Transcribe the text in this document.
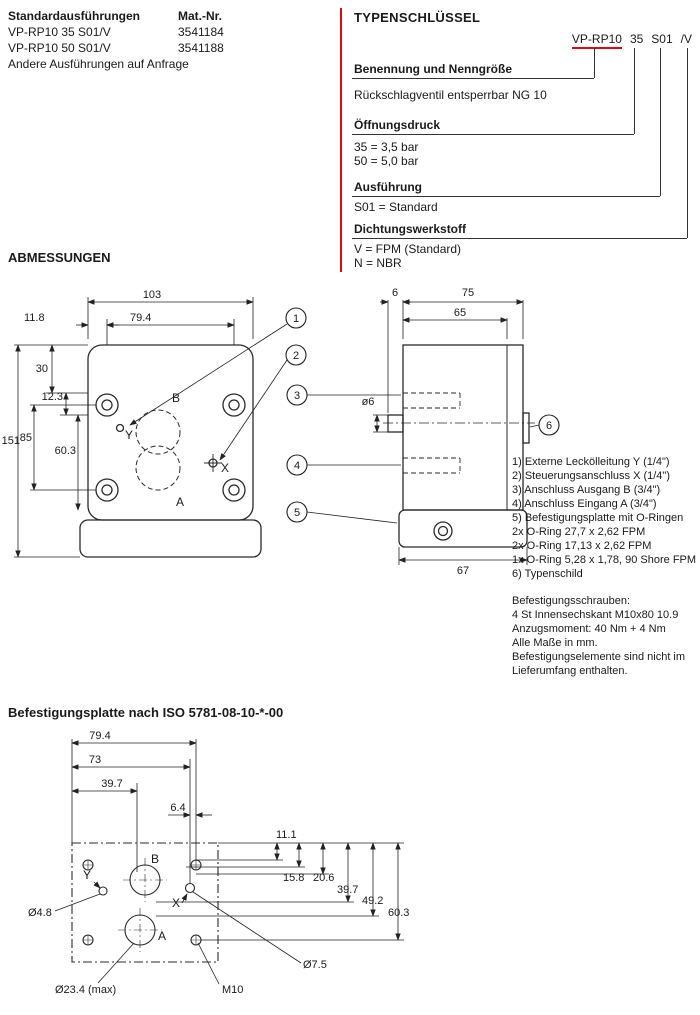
Standardausführungen	Mat.-Nr.
VP-RP10 35 S01/V	3541184
VP-RP10 50 S01/V	3541188
Andere Ausführungen auf Anfrage
TYPENSCHLÜSSEL
VP-RP10 35 S01 /V
Benennung und Nenngröße
Rückschlagventil entsperrbar NG 10
Öffnungsdruck
35 = 3,5 bar
50 = 5,0 bar
Ausführung
S01 = Standard
Dichtungswerkstoff
V = FPM (Standard)
N = NBR
ABMESSUNGEN
103
79.4
11.8
30
12.3
85
151
60.3
B
A
Y
X
1
2
6	75
65
ø6
67
3
4
5
6
1) Externe Leckölleitung Y (1/4")
2) Steuerungsanschluss X (1/4")
3) Anschluss Ausgang B (3/4")
4) Anschluss Eingang A (3/4")
5) Befestigungsplatte mit O-Ringen
2x O-Ring 27,7 x 2,62 FPM
2x O-Ring 17,13 x 2,62 FPM
1x O-Ring 5,28 x 1,78, 90 Shore FPM
6) Typenschild
Befestigungsschrauben:
4 St Innensechskant M10x80 10.9
Anzugsmoment: 40 Nm + 4 Nm
Alle Maße in mm.
Befestigungselemente sind nicht im
Lieferumfang enthalten.
Befestigungsplatte nach ISO 5781-08-10-*-00
79.4
73
39.7
6.4
11.1
15.8 20.6
39.7
49.2
60.3
Ø4.8
Ø7.5
Ø23.4 (max)	M10
B
A
Y
X
